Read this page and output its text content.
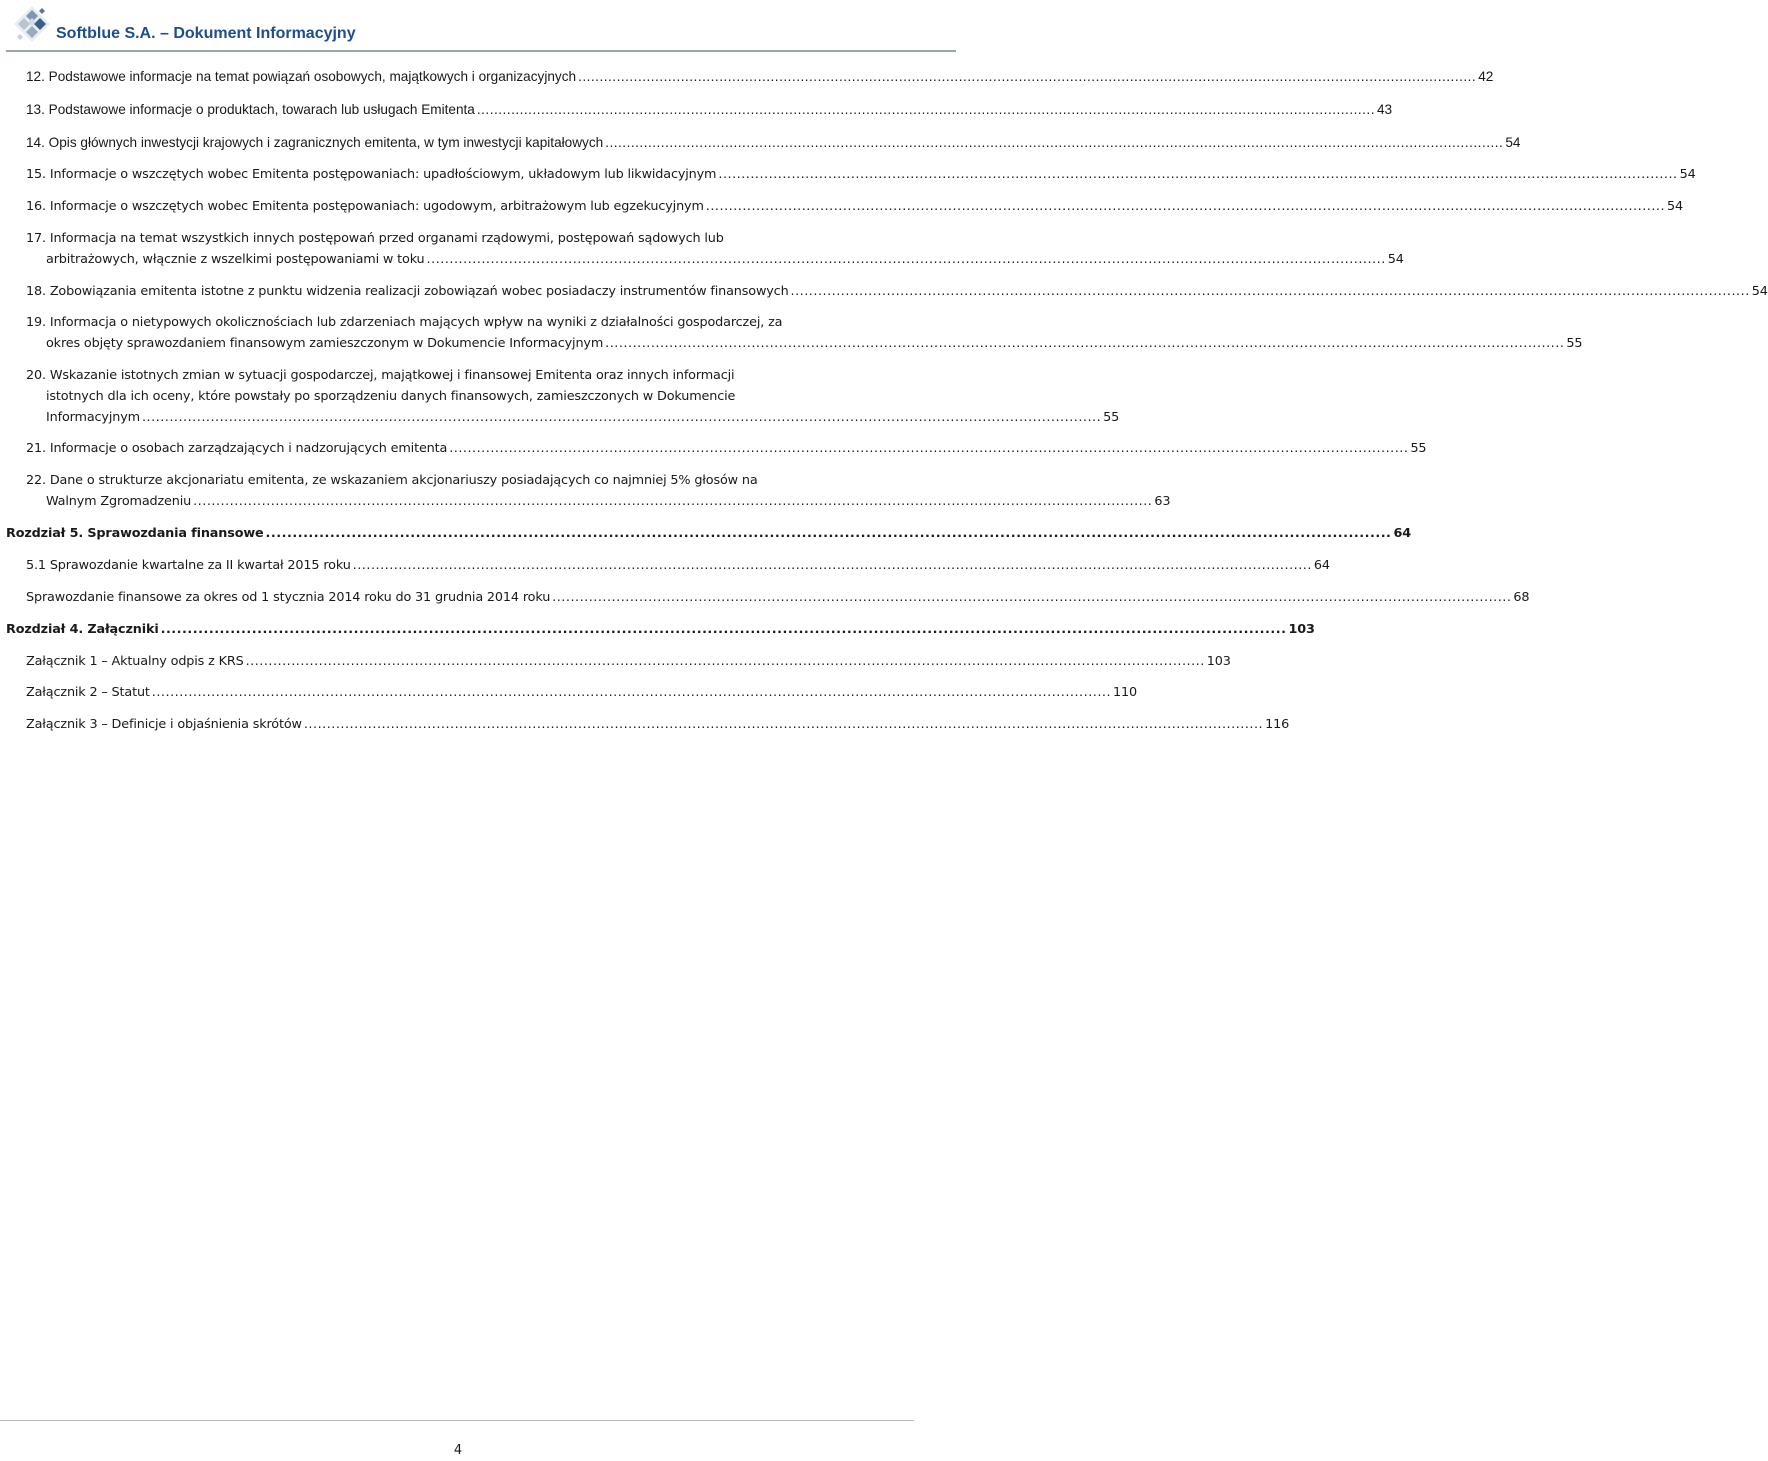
Softblue S.A. – Dokument Informacyjny
12. Podstawowe informacje na temat powiązań osobowych, majątkowych i organizacyjnych .................................................................................................................................................................................................................. 42
13. Podstawowe informacje o produktach, towarach lub usługach Emitenta .................................................................................................................................................................................................................. 43
14. Opis głównych inwestycji krajowych i zagranicznych emitenta, w tym inwestycji kapitałowych .................................................................................................................................................................................................................. 54
15. Informacje o wszczętych wobec Emitenta postępowaniach: upadłościowym, układowym lub likwidacyjnym .................................................................................................................................................................................................................. 54
16. Informacje o wszczętych wobec Emitenta postępowaniach: ugodowym, arbitrażowym lub egzekucyjnym .................................................................................................................................................................................................................. 54
17. Informacja na temat wszystkich innych postępowań przed organami rządowymi, postępowań sądowych lub
arbitrażowych, włącznie z wszelkimi postępowaniami w toku .................................................................................................................................................................................................................. 54
18. Zobowiązania emitenta istotne z punktu widzenia realizacji zobowiązań wobec posiadaczy instrumentów finansowych .................................................................................................................................................................................................................. 54
19. Informacja o nietypowych okolicznościach lub zdarzeniach mających wpływ na wyniki z działalności gospodarczej, za
okres objęty sprawozdaniem finansowym zamieszczonym w Dokumencie Informacyjnym .................................................................................................................................................................................................................. 55
20. Wskazanie istotnych zmian w sytuacji gospodarczej, majątkowej i finansowej Emitenta oraz innych informacji
istotnych dla ich oceny, które powstały po sporządzeniu danych finansowych, zamieszczonych w Dokumencie
Informacyjnym .................................................................................................................................................................................................................. 55
21. Informacje o osobach zarządzających i nadzorujących emitenta .................................................................................................................................................................................................................. 55
22. Dane o strukturze akcjonariatu emitenta, ze wskazaniem akcjonariuszy posiadających co najmniej 5% głosów na
Walnym Zgromadzeniu .................................................................................................................................................................................................................. 63
Rozdział 5. Sprawozdania finansowe .................................................................................................................................................................................................................. 64
5.1 Sprawozdanie kwartalne za II kwartał 2015 roku .................................................................................................................................................................................................................. 64
Sprawozdanie finansowe za okres od 1 stycznia 2014 roku do 31 grudnia 2014 roku .................................................................................................................................................................................................................. 68
Rozdział 4. Załączniki .................................................................................................................................................................................................................. 103
Załącznik 1 – Aktualny odpis z KRS .................................................................................................................................................................................................................. 103
Załącznik 2 – Statut .................................................................................................................................................................................................................. 110
Załącznik 3 – Definicje i objaśnienia skrótów .................................................................................................................................................................................................................. 116
4
